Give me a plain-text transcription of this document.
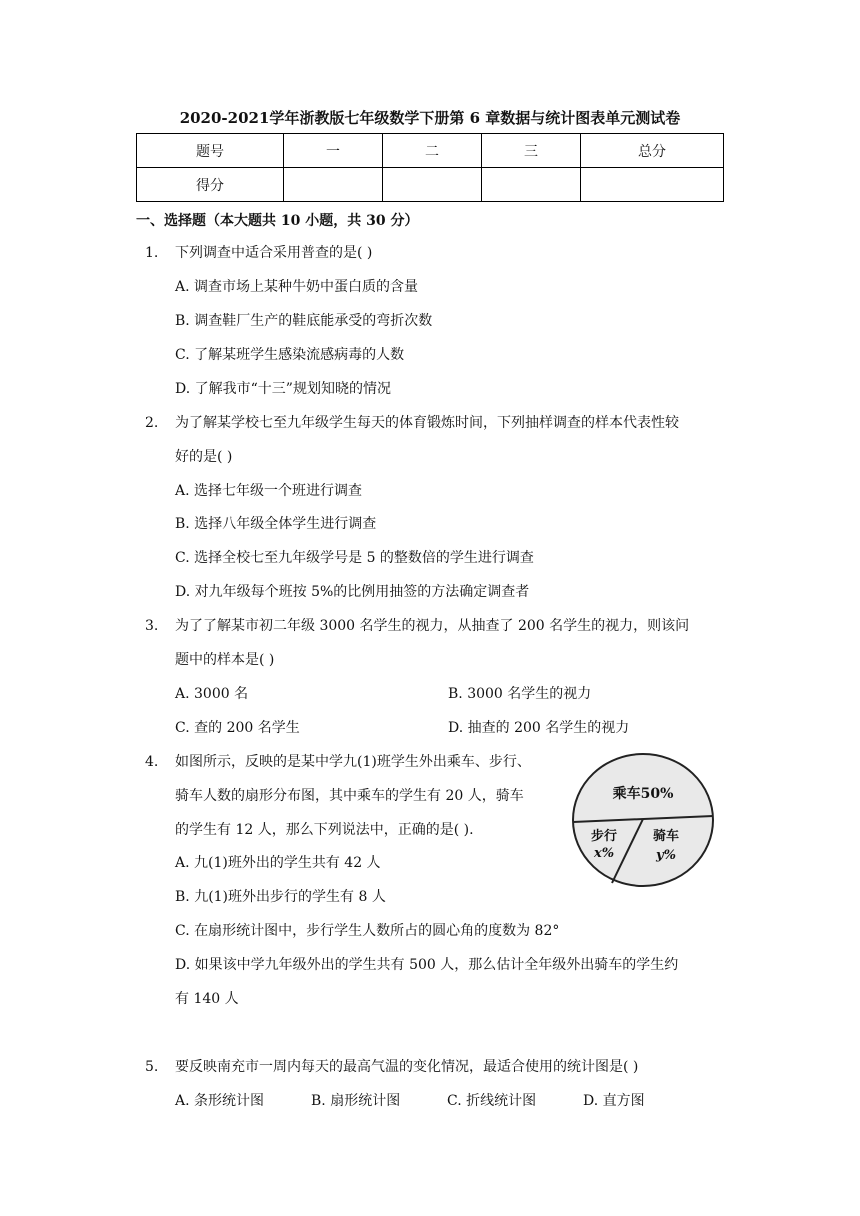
2020-2021学年浙教版七年级数学下册第 6 章数据与统计图表单元测试卷
题号	一	二	三	总分
得分				
一、选择题（本大题共 10 小题，共 30 分）
1. 下列调查中适合采用普查的是( )
A. 调查市场上某种牛奶中蛋白质的含量
B. 调查鞋厂生产的鞋底能承受的弯折次数
C. 了解某班学生感染流感病毒的人数
D. 了解我市“十三”规划知晓的情况
2. 为了解某学校七至九年级学生每天的体育锻炼时间，下列抽样调查的样本代表性较
好的是( )
A. 选择七年级一个班进行调查
B. 选择八年级全体学生进行调查
C. 选择全校七至九年级学号是 5 的整数倍的学生进行调查
D. 对九年级每个班按 5%的比例用抽签的方法确定调查者
3. 为了了解某市初二年级 3000 名学生的视力，从抽查了 200 名学生的视力，则该问
题中的样本是( )
A. 3000 名	B. 3000 名学生的视力
C. 查的 200 名学生	D. 抽查的 200 名学生的视力
4. 如图所示，反映的是某中学九(1)班学生外出乘车、步行、
骑车人数的扇形分布图，其中乘车的学生有 20 人，骑车
的学生有 12 人，那么下列说法中，正确的是( ).
A. 九(1)班外出的学生共有 42 人
B. 九(1)班外出步行的学生有 8 人
C. 在扇形统计图中，步行学生人数所占的圆心角的度数为 82°
D. 如果该中学九年级外出的学生共有 500 人，那么估计全年级外出骑车的学生约
有 140 人
乘车50%
步行
x%
骑车
y%
5. 要反映南充市一周内每天的最高气温的变化情况，最适合使用的统计图是( )
A. 条形统计图	B. 扇形统计图	C. 折线统计图	D. 直方图
